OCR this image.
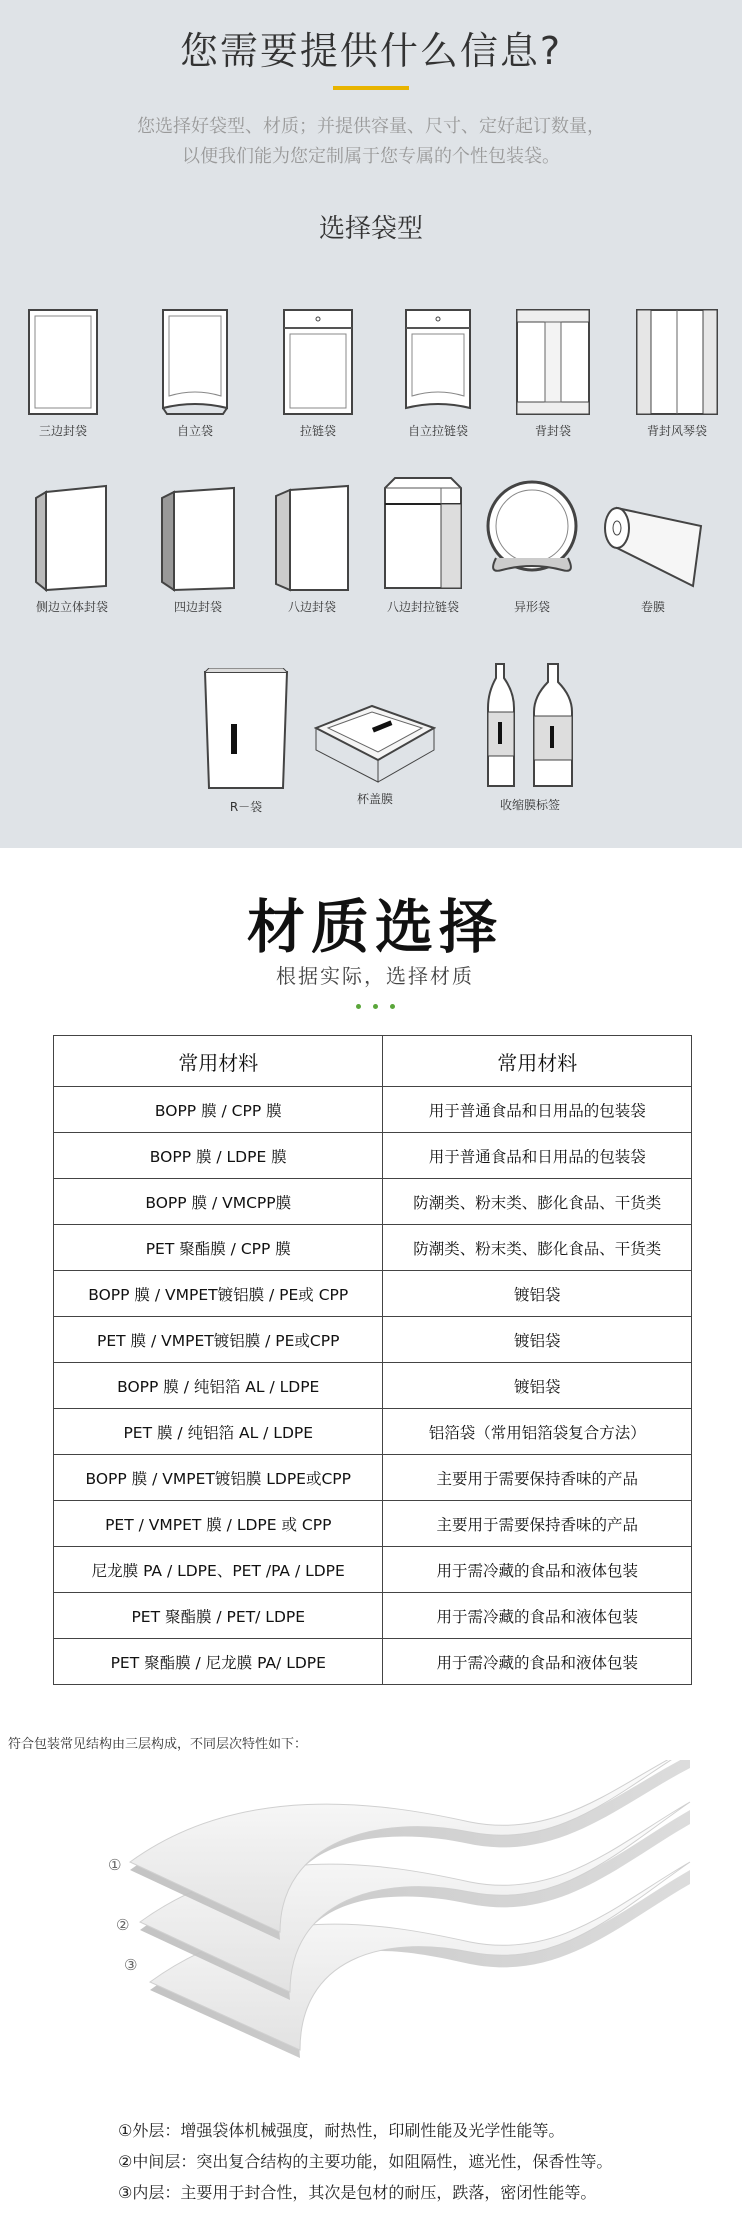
您需要提供什么信息?
您选择好袋型、材质；并提供容量、尺寸、定好起订数量，
以便我们能为您定制属于您专属的个性包装袋。
选择袋型
三边封袋	自立袋	拉链袋	自立拉链袋	背封袋	背封风琴袋
侧边立体封袋	四边封袋	八边封袋	八边封拉链袋	异形袋	卷膜
R－袋
杯盖膜	收缩膜标签
材质选择
根据实际，选择材质
常用材料	常用材料
BOPP 膜 / CPP 膜	用于普通食品和日用品的包装袋
BOPP 膜 / LDPE 膜	用于普通食品和日用品的包装袋
BOPP 膜 / VMCPP膜	防潮类、粉末类、膨化食品、干货类
PET 聚酯膜 / CPP 膜	防潮类、粉末类、膨化食品、干货类
BOPP 膜 / VMPET镀铝膜 / PE或 CPP	镀铝袋
PET 膜 / VMPET镀铝膜 / PE或CPP	镀铝袋
BOPP 膜 / 纯铝箔 AL / LDPE	镀铝袋
PET 膜 / 纯铝箔 AL / LDPE	铝箔袋（常用铝箔袋复合方法）
BOPP 膜 / VMPET镀铝膜 LDPE或CPP	主要用于需要保持香味的产品
PET / VMPET 膜 / LDPE 或 CPP	主要用于需要保持香味的产品
尼龙膜 PA / LDPE、PET /PA / LDPE	用于需冷藏的食品和液体包装
PET 聚酯膜 / PET/ LDPE	用于需冷藏的食品和液体包装
PET 聚酯膜 / 尼龙膜 PA/ LDPE	用于需冷藏的食品和液体包装
符合包装常见结构由三层构成，不同层次特性如下：
①
②
③
①外层：增强袋体机械强度，耐热性，印刷性能及光学性能等。
②中间层：突出复合结构的主要功能，如阻隔性，遮光性，保香性等。
③内层：主要用于封合性，其次是包材的耐压，跌落，密闭性能等。
